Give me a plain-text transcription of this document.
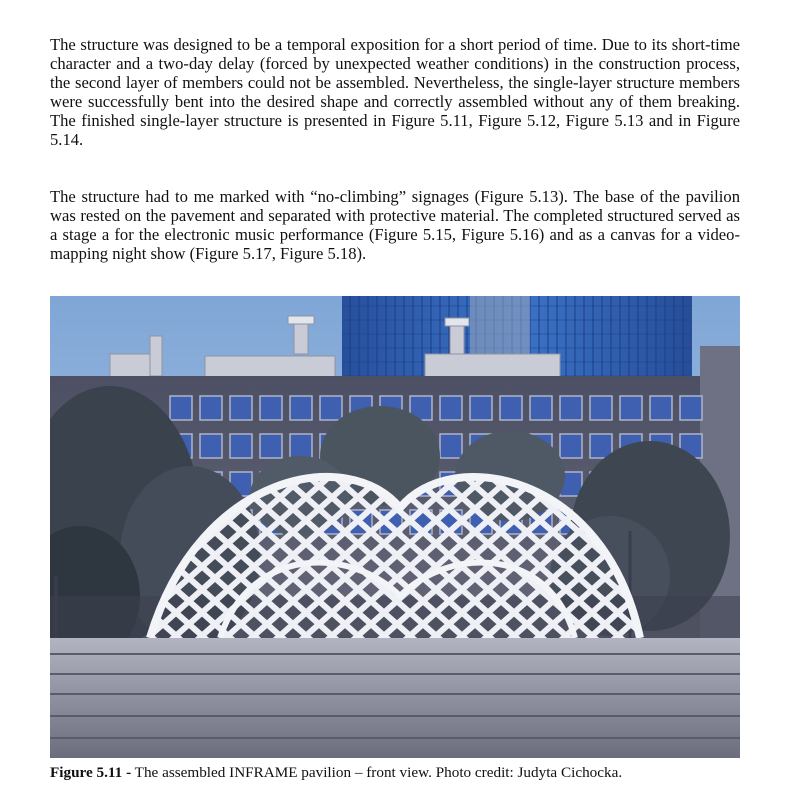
The structure was designed to be a temporal exposition for a short period of time. Due to its short-time character and a two-day delay (forced by unexpected weather conditions) in the construction process, the second layer of members could not be assembled. Nevertheless, the single-layer structure members were successfully bent into the desired shape and correctly assembled without any of them breaking. The finished single-layer structure is presented in Figure 5.11, Figure 5.12, Figure 5.13 and in Figure 5.14.

The structure had to me marked with “no-climbing” signages (Figure 5.13). The base of the pavilion was rested on the pavement and separated with protective material. The completed structured served as a stage a for the electronic music performance (Figure 5.15, Figure 5.16) and as a canvas for a video-mapping night show (Figure 5.17, Figure 5.18).

Figure 5.11 - The assembled INFRAME pavilion – front view. Photo credit: Judyta Cichocka.
